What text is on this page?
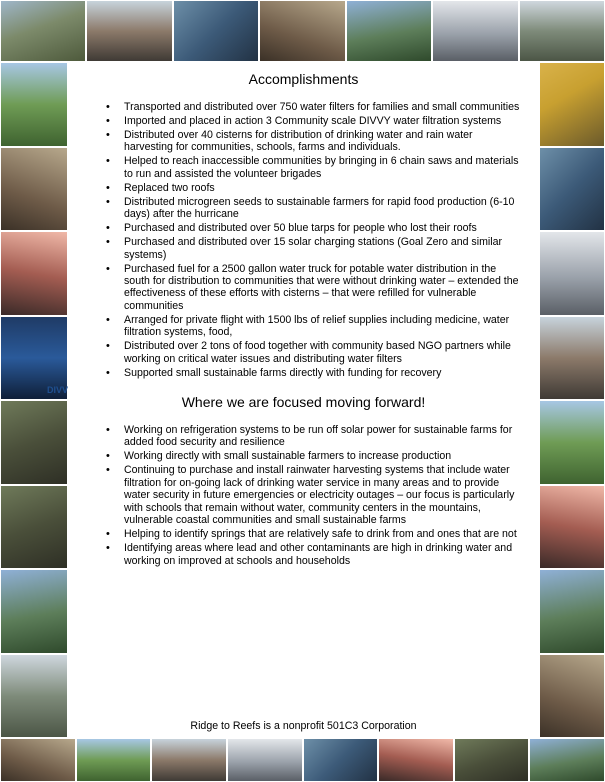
DIVV
Accomplishments
• Transported and distributed over 750 water filters for families and small communities
• Imported and placed in action 3 Community scale DIVVY water filtration systems
• Distributed over 40 cisterns for distribution of drinking water and rain water harvesting for communities, schools, farms and individuals.
• Helped to reach inaccessible communities by bringing in 6 chain saws and materials to run and assisted the volunteer brigades
• Replaced two roofs
• Distributed microgreen seeds to sustainable farmers for rapid food production (6-10 days) after the hurricane
• Purchased and distributed over 50 blue tarps for people who lost their roofs
• Purchased and distributed over 15 solar charging stations (Goal Zero and similar systems)
• Purchased fuel for a 2500 gallon water truck for potable water distribution in the south for distribution to communities that were without drinking water – extended the effectiveness of these efforts with cisterns – that were refilled for vulnerable communities
• Arranged for private flight with 1500 lbs of relief supplies including medicine, water filtration systems, food,
• Distributed over 2 tons of food together with community based NGO partners while working on critical water issues and distributing water filters
• Supported small sustainable farms directly with funding for recovery
Where we are focused moving forward!
• Working on refrigeration systems to be run off solar power for sustainable farms for added food security and resilience
• Working directly with small sustainable farmers to increase production
• Continuing to purchase and install rainwater harvesting systems that include water filtration for on-going lack of drinking water service in many areas and to provide water security in future emergencies or electricity outages – our focus is particularly with schools that remain without water, community centers in the mountains, vulnerable coastal communities and small sustainable farms
• Helping to identify springs that are relatively safe to drink from and ones that are not
• Identifying areas where lead and other contaminants are high in drinking water and working on improved at schools and households
Ridge to Reefs is a nonprofit 501C3 Corporation
